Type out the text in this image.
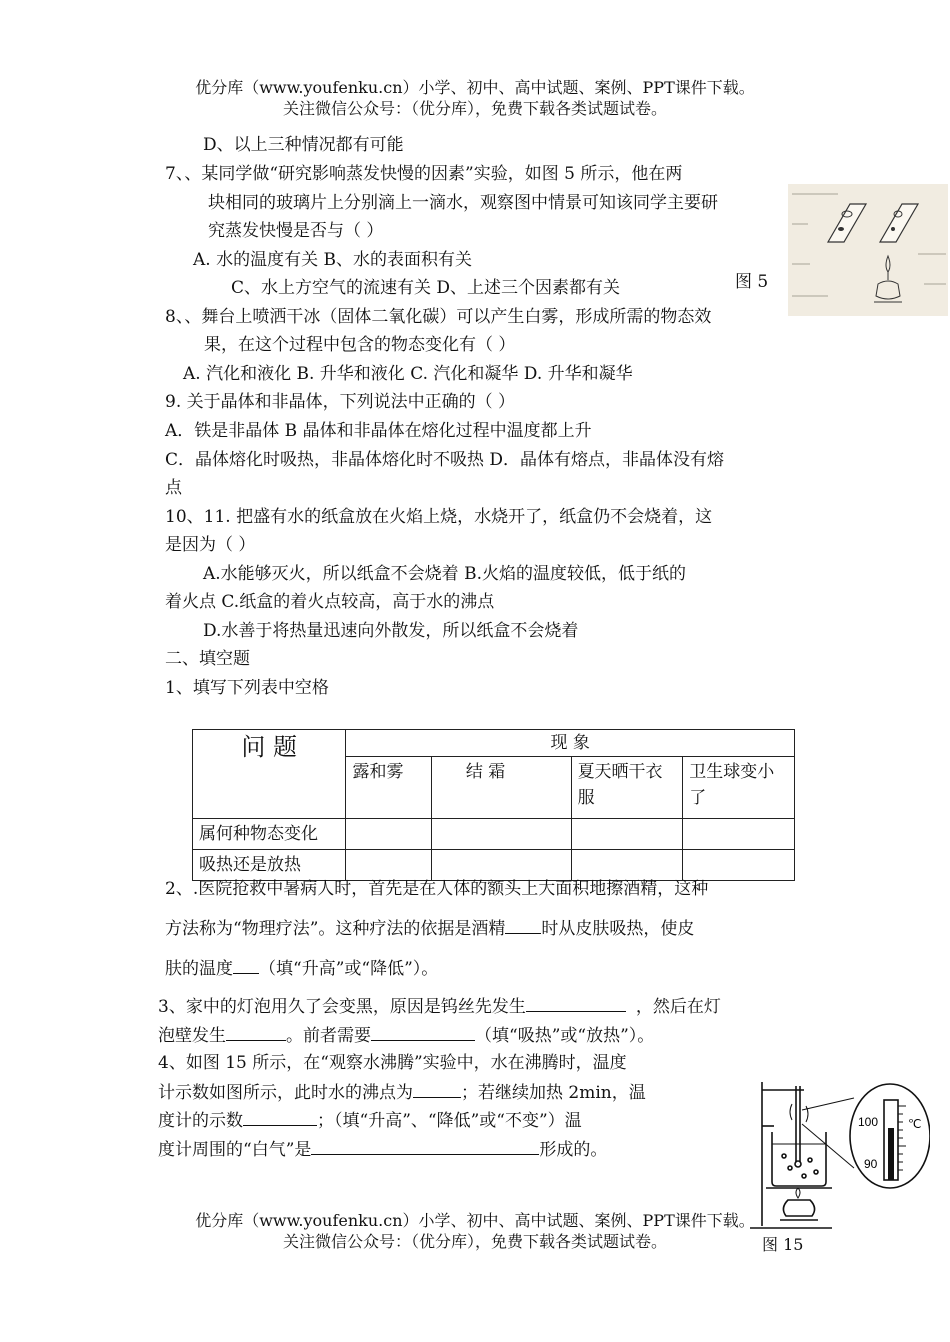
优分库（www.youfenku.cn）小学、初中、高中试题、案例、PPT课件下载。
关注微信公众号：（优分库），免费下载各类试题试卷。
D、以上三种情况都有可能
7、、某同学做“研究影响蒸发快慢的因素”实验，如图 5 所示，他在两
块相同的玻璃片上分别滴上一滴水，观察图中情景可知该同学主要研
究蒸发快慢是否与（ ）
A. 水的温度有关 B、水的表面积有关
C、水上方空气的流速有关 D、上述三个因素都有关	图 5
8、、舞台上喷洒干冰（固体二氧化碳）可以产生白雾，形成所需的物态效
果，在这个过程中包含的物态变化有（ ）
A. 汽化和液化 B. 升华和液化 C. 汽化和凝华 D. 升华和凝华
9. 关于晶体和非晶体，下列说法中正确的（ ）
A．铁是非晶体 B 晶体和非晶体在熔化过程中温度都上升
C．晶体熔化时吸热，非晶体熔化时不吸热 D．晶体有熔点，非晶体没有熔
点
10、11. 把盛有水的纸盒放在火焰上烧，水烧开了，纸盒仍不会烧着，这
是因为（ ）
A.水能够灭火，所以纸盒不会烧着 B.火焰的温度较低，低于纸的
着火点 C.纸盒的着火点较高，高于水的沸点
D.水善于将热量迅速向外散发，所以纸盒不会烧着
二、填空题
1、填写下列表中空格
问 题	现 象			
	露和雾	结 霜	夏天晒干衣服	卫生球变小了
属何种物态变化				
吸热还是放热				
2、.医院抢救中暑病人时，首先是在人体的额头上大面积地擦酒精，这种
方法称为“物理疗法”。这种疗法的依据是酒精 时从皮肤吸热，使皮
肤的温度 （填“升高”或“降低”）。
3、家中的灯泡用久了会变黑，原因是钨丝先发生	，然后在灯
泡壁发生	。前者需要	（填“吸热”或“放热”）。
4、如图 15 所示，在“观察水沸腾”实验中，水在沸腾时，温度
计示数如图所示，此时水的沸点为	；若继续加热 2min，温
度计的示数	；（填“升高”、“降低”或“不变”）温
度计周围的“白气”是	形成的。
100 ℃
90
图 15
优分库（www.youfenku.cn）小学、初中、高中试题、案例、PPT课件下载。
关注微信公众号：（优分库），免费下载各类试题试卷。
